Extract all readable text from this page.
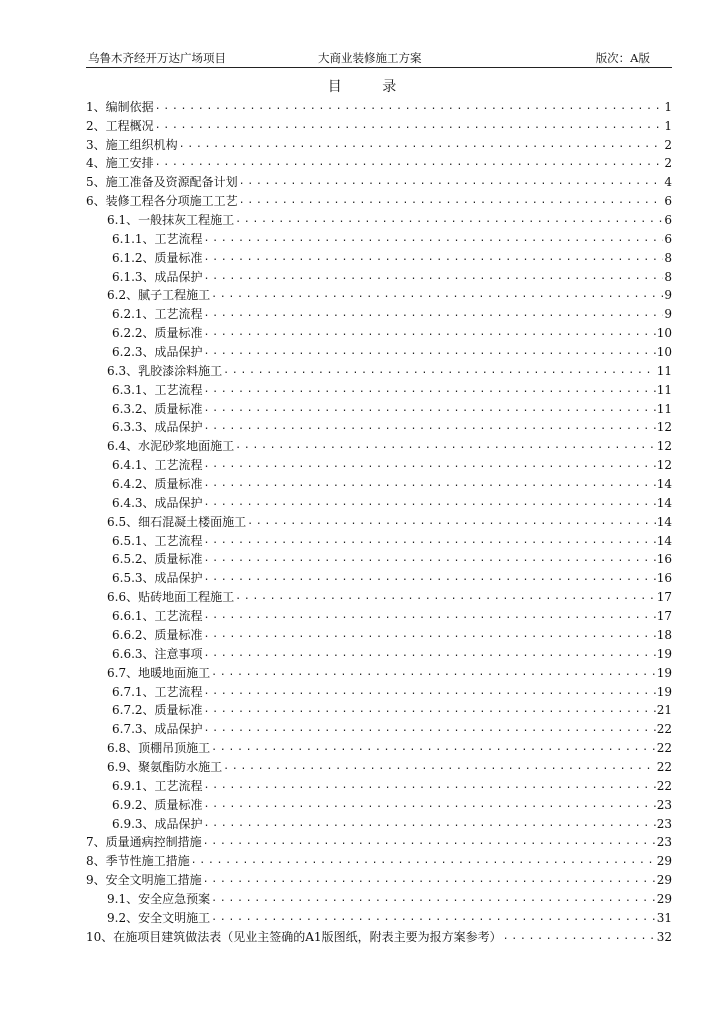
乌鲁木齐经开万达广场项目	大商业装修施工方案	版次：A版
目 录
1、编制依据 .....	1
2、工程概况 .....	1
3、施工组织机构 .....	2
4、施工安排 .....	2
5、施工准备及资源配备计划 .....	4
6、装修工程各分项施工工艺 .....	6
6.1、一般抹灰工程施工 .....	6
6.1.1、工艺流程 .....	6
6.1.2、质量标准 .....	8
6.1.3、成品保护 .....	8
6.2、腻子工程施工 .....	9
6.2.1、工艺流程 .....	9
6.2.2、质量标准 .....	10
6.2.3、成品保护 .....	10
6.3、乳胶漆涂料施工 .....	11
6.3.1、工艺流程 .....	11
6.3.2、质量标准 .....	11
6.3.3、成品保护 .....	12
6.4、水泥砂浆地面施工 .....	12
6.4.1、工艺流程 .....	12
6.4.2、质量标准 .....	14
6.4.3、成品保护 .....	14
6.5、细石混凝土楼面施工 .....	14
6.5.1、工艺流程 .....	14
6.5.2、质量标准 .....	16
6.5.3、成品保护 .....	16
6.6、贴砖地面工程施工 .....	17
6.6.1、工艺流程 .....	17
6.6.2、质量标准 .....	18
6.6.3、注意事项 .....	19
6.7、地暖地面施工 .....	19
6.7.1、工艺流程 .....	19
6.7.2、质量标准 .....	21
6.7.3、成品保护 .....	22
6.8、顶棚吊顶施工 .....	22
6.9、聚氨酯防水施工 .....	22
6.9.1、工艺流程 .....	22
6.9.2、质量标准 .....	23
6.9.3、成品保护 .....	23
7、质量通病控制措施 .....	23
8、季节性施工措施 .....	29
9、安全文明施工措施 .....	29
9.1、安全应急预案 .....	29
9.2、安全文明施工 .....	31
10、在施项目建筑做法表（见业主签确的A1版图纸，附表主要为报方案参考） .....	32
